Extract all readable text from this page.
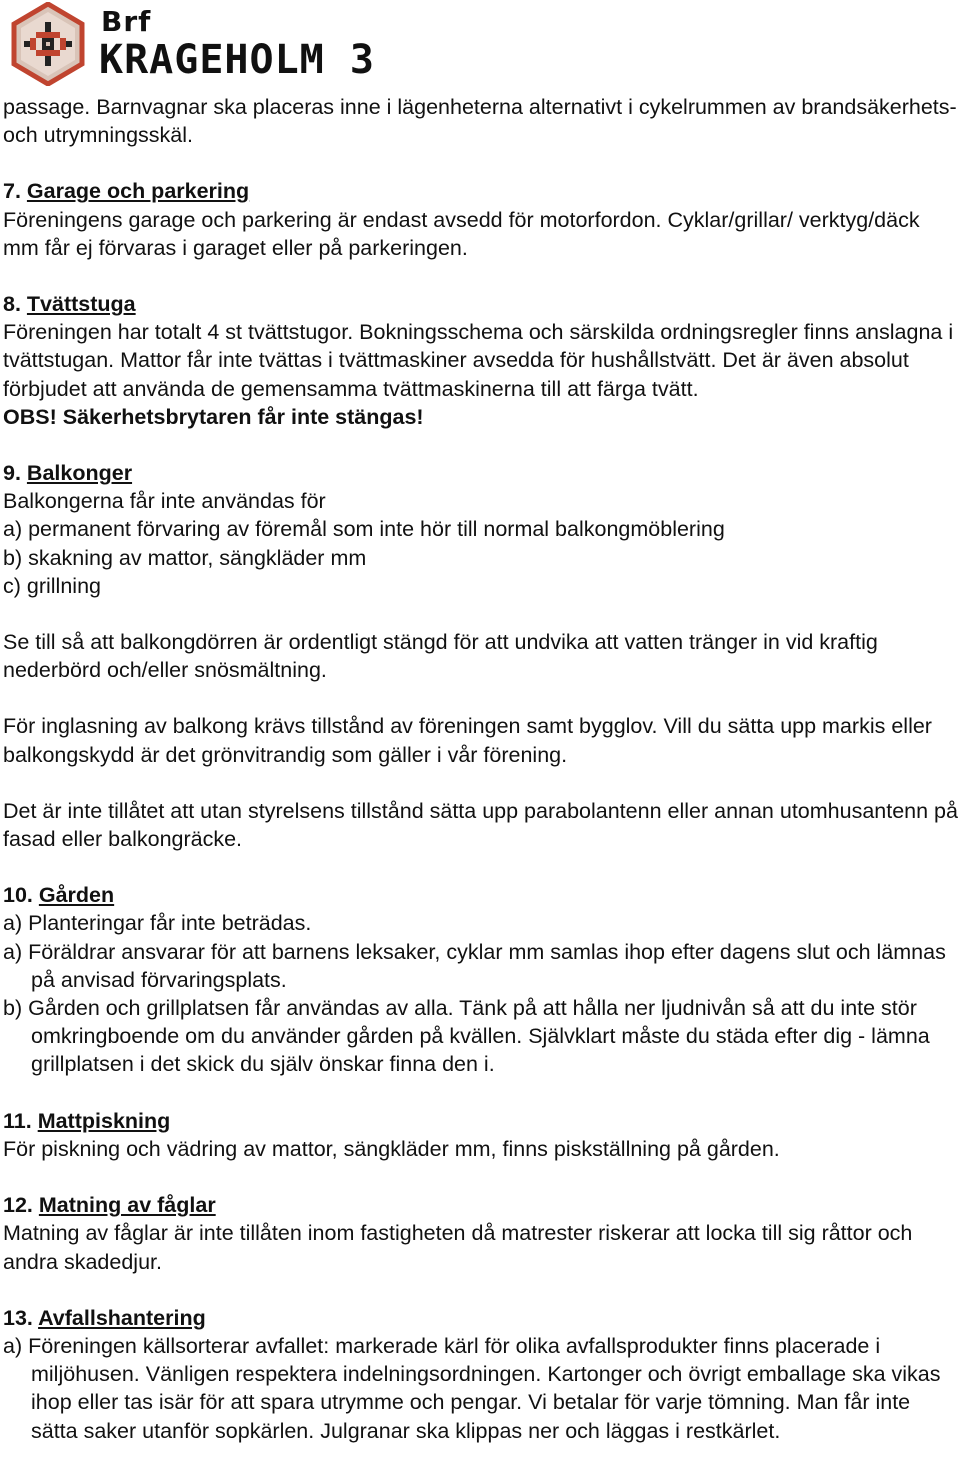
Brf
KRAGEHOLM 3

passage. Barnvagnar ska placeras inne i lägenheterna alternativt i cykelrummen av brandsäkerhets- och utrymningsskäl.

7. Garage och parkering

Föreningens garage och parkering är endast avsedd för motorfordon. Cyklar/grillar/ verktyg/däck mm får ej förvaras i garaget eller på parkeringen.

8. Tvättstuga

Föreningen har totalt 4 st tvättstugor. Bokningsschema och särskilda ordningsregler finns anslagna i tvättstugan. Mattor får inte tvättas i tvättmaskiner avsedda för hushållstvätt. Det är även absolut förbjudet att använda de gemensamma tvättmaskinerna till att färga tvätt.

OBS! Säkerhetsbrytaren får inte stängas!

9. Balkonger

Balkongerna får inte användas för

a) permanent förvaring av föremål som inte hör till normal balkongmöblering

b) skakning av mattor, sängkläder mm

c) grillning

Se till så att balkongdörren är ordentligt stängd för att undvika att vatten tränger in vid kraftig nederbörd och/eller snösmältning.

För inglasning av balkong krävs tillstånd av föreningen samt bygglov. Vill du sätta upp markis eller balkongskydd är det grönvitrandig som gäller i vår förening.

Det är inte tillåtet att utan styrelsens tillstånd sätta upp parabolantenn eller annan utomhusantenn på fasad eller balkongräcke.

10. Gården

a) Planteringar får inte beträdas.

a) Föräldrar ansvarar för att barnens leksaker, cyklar mm samlas ihop efter dagens slut och lämnas på anvisad förvaringsplats.

b) Gården och grillplatsen får användas av alla. Tänk på att hålla ner ljudnivån så att du inte stör omkringboende om du använder gården på kvällen. Självklart måste du städa efter dig - lämna grillplatsen i det skick du själv önskar finna den i.

11. Mattpiskning

För piskning och vädring av mattor, sängkläder mm, finns piskställning på gården.

12. Matning av fåglar

Matning av fåglar är inte tillåten inom fastigheten då matrester riskerar att locka till sig råttor och andra skadedjur.

13. Avfallshantering

a) Föreningen källsorterar avfallet: markerade kärl för olika avfallsprodukter finns placerade i miljöhusen. Vänligen respektera indelningsordningen. Kartonger och övrigt emballage ska vikas ihop eller tas isär för att spara utrymme och pengar. Vi betalar för varje tömning. Man får inte sätta saker utanför sopkärlen. Julgranar ska klippas ner och läggas i restkärlet.
